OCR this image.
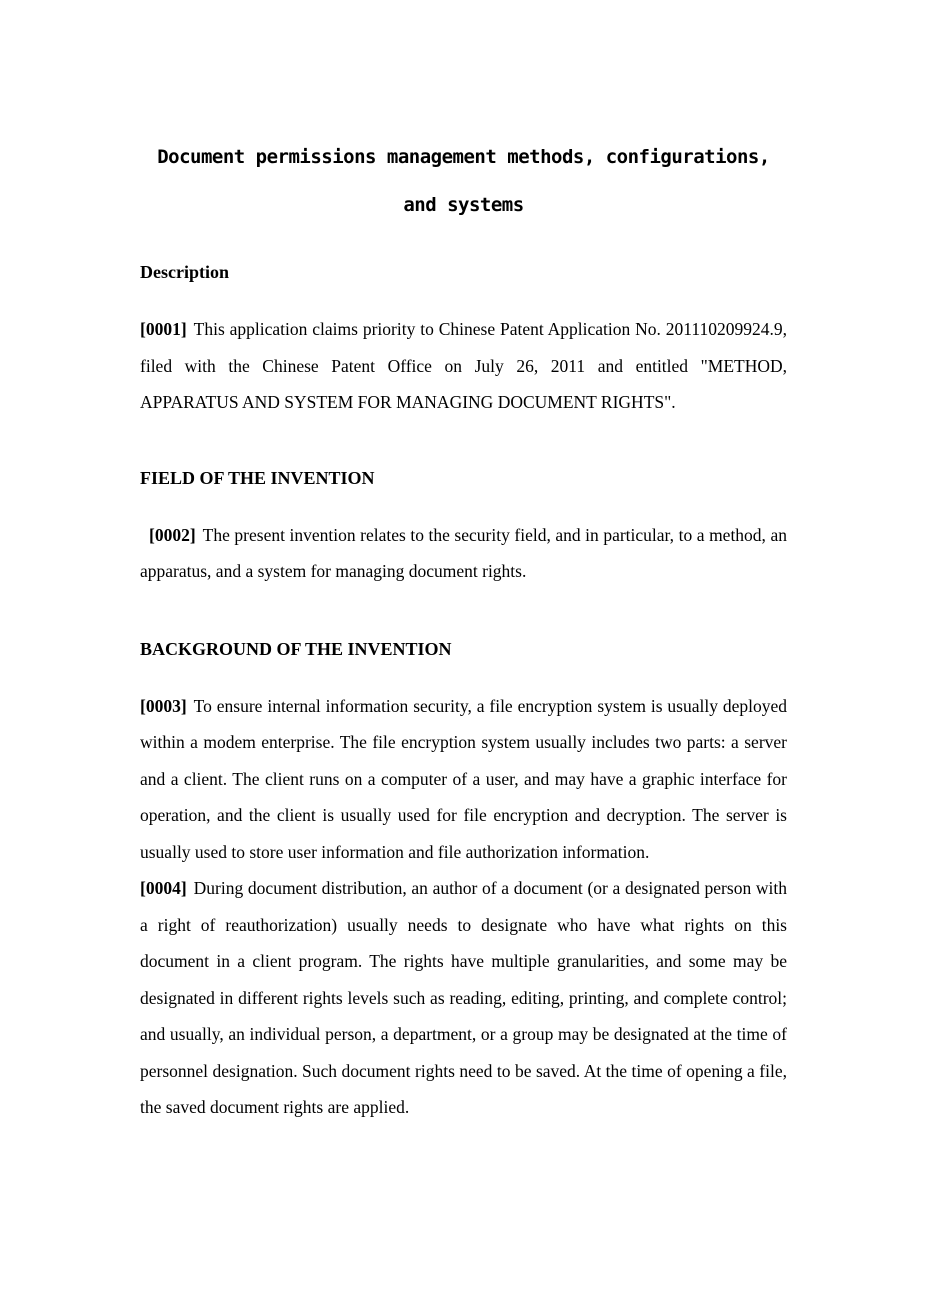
Document permissions management methods, configurations, and systems
Description

[0001] This application claims priority to Chinese Patent Application No. 201110209924.9, filed with the Chinese Patent Office on July 26, 2011 and entitled "METHOD, APPARATUS AND SYSTEM FOR MANAGING DOCUMENT RIGHTS".

FIELD OF THE INVENTION

[0002] The present invention relates to the security field, and in particular, to a method, an apparatus, and a system for managing document rights.

BACKGROUND OF THE INVENTION

[0003] To ensure internal information security, a file encryption system is usually deployed within a modem enterprise. The file encryption system usually includes two parts: a server and a client. The client runs on a computer of a user, and may have a graphic interface for operation, and the client is usually used for file encryption and decryption. The server is usually used to store user information and file authorization information.

[0004] During document distribution, an author of a document (or a designated person with a right of reauthorization) usually needs to designate who have what rights on this document in a client program. The rights have multiple granularities, and some may be designated in different rights levels such as reading, editing, printing, and complete control; and usually, an individual person, a department, or a group may be designated at the time of personnel designation. Such document rights need to be saved. At the time of opening a file, the saved document rights are applied.
